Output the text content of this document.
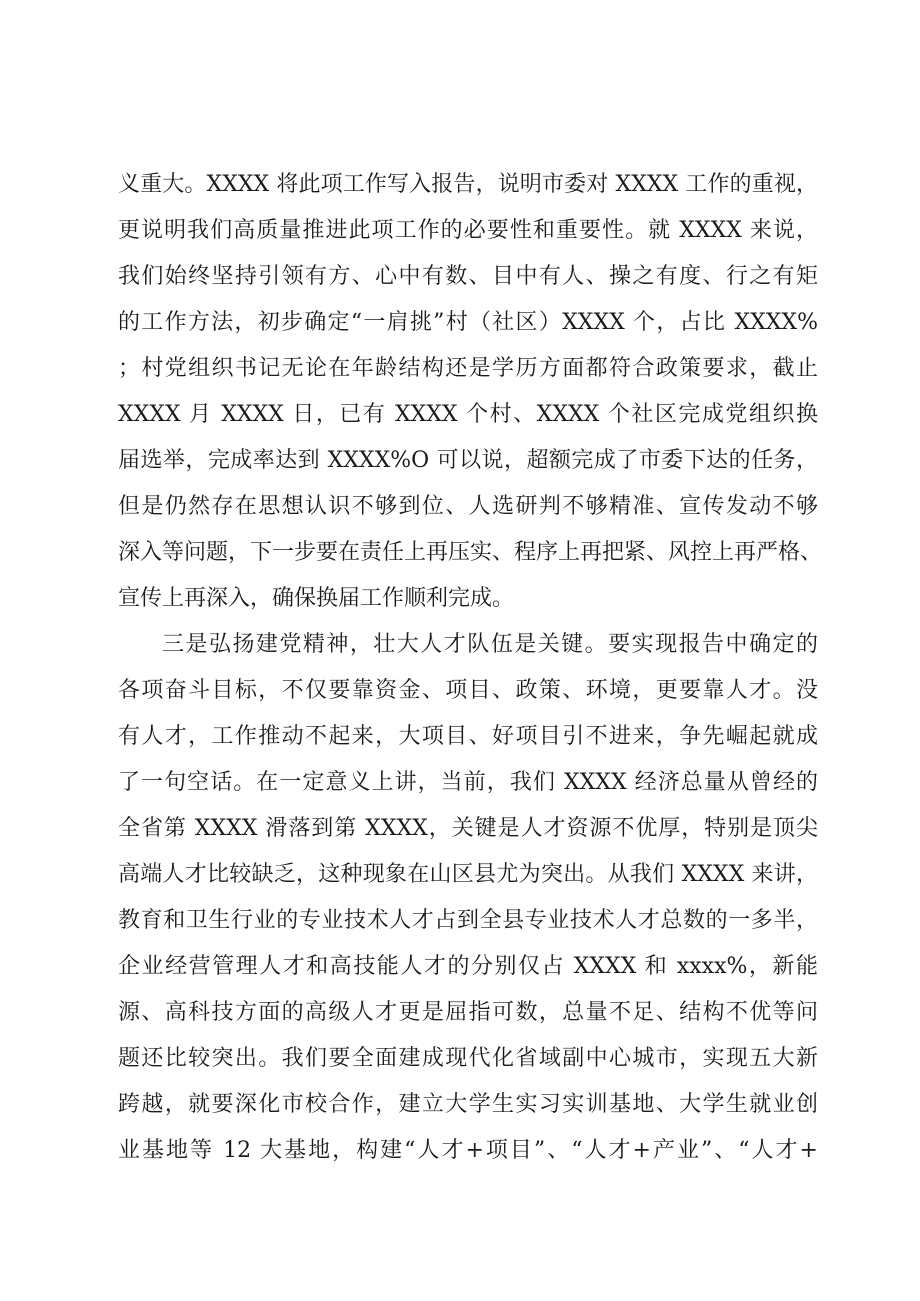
义重大。XXXX 将此项工作写入报告，说明市委对 XXXX 工作的重视，
更说明我们高质量推进此项工作的必要性和重要性。就 XXXX 来说，
我们始终坚持引领有方、心中有数、目中有人、操之有度、行之有矩
的工作方法，初步确定“一肩挑”村（社区）XXXX 个，占比 XXXX%
；村党组织书记无论在年龄结构还是学历方面都符合政策要求，截止
XXXX 月 XXXX 日，已有 XXXX 个村、XXXX 个社区完成党组织换
届选举，完成率达到 XXXX%O 可以说，超额完成了市委下达的任务，
但是仍然存在思想认识不够到位、人选研判不够精准、宣传发动不够
深入等问题，下一步要在责任上再压实、程序上再把紧、风控上再严格、
宣传上再深入，确保换届工作顺利完成。
三是弘扬建党精神，壮大人才队伍是关键。要实现报告中确定的
各项奋斗目标，不仅要靠资金、项目、政策、环境，更要靠人才。没
有人才，工作推动不起来，大项目、好项目引不进来，争先崛起就成
了一句空话。在一定意义上讲，当前，我们 XXXX 经济总量从曾经的
全省第 XXXX 滑落到第 XXXX，关键是人才资源不优厚，特别是顶尖
高端人才比较缺乏，这种现象在山区县尤为突出。从我们 XXXX 来讲，
教育和卫生行业的专业技术人才占到全县专业技术人才总数的一多半，
企业经营管理人才和高技能人才的分别仅占 XXXX 和 xxxx%，新能
源、高科技方面的高级人才更是屈指可数，总量不足、结构不优等问
题还比较突出。我们要全面建成现代化省域副中心城市，实现五大新
跨越，就要深化市校合作，建立大学生实习实训基地、大学生就业创
业基地等 12 大基地，构建“人才+项目”、“人才+产业”、“人才+
